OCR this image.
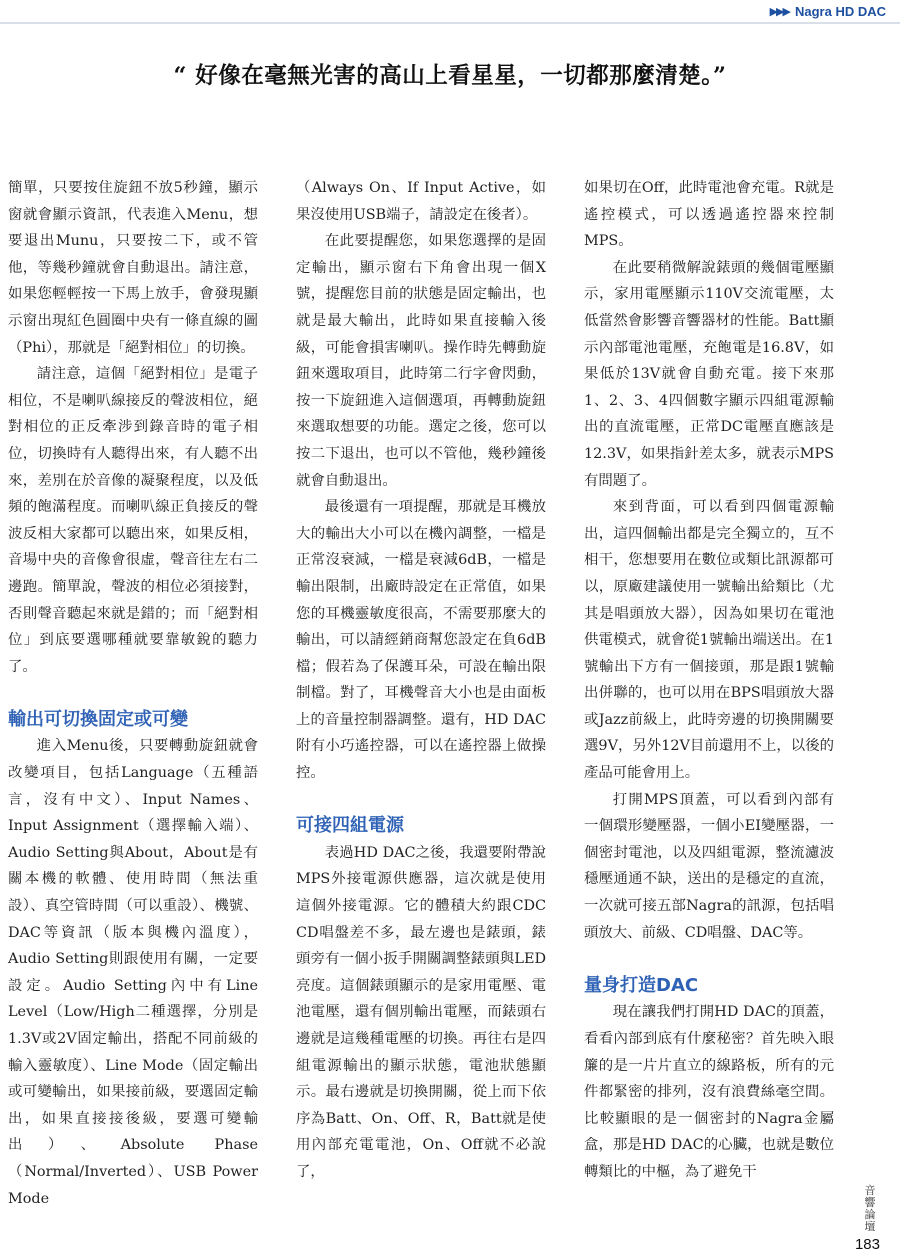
▶▶▶ Nagra HD DAC
“ 好像在毫無光害的高山上看星星，一切都那麼清楚。”

簡單，只要按住旋鈕不放5秒鐘，顯示窗就會顯示資訊，代表進入Menu，想要退出Munu，只要按二下，或不管他，等幾秒鐘就會自動退出。請注意，如果您輕輕按一下馬上放手，會發現顯示窗出現紅色圓圈中央有一條直線的圖（Phi），那就是「絕對相位」的切換。

請注意，這個「絕對相位」是電子相位，不是喇叭線接反的聲波相位，絕對相位的正反牽涉到錄音時的電子相位，切換時有人聽得出來，有人聽不出來，差別在於音像的凝聚程度，以及低頻的飽滿程度。而喇叭線正負接反的聲波反相大家都可以聽出來，如果反相，音場中央的音像會很虛，聲音往左右二邊跑。簡單說，聲波的相位必須接對，否則聲音聽起來就是錯的；而「絕對相位」到底要選哪種就要靠敏銳的聽力了。

輸出可切換固定或可變

進入Menu後，只要轉動旋鈕就會改變項目，包括Language（五種語言，沒有中文）、Input Names、Input Assignment（選擇輸入端）、Audio Setting與About，About是有關本機的軟體、使用時間（無法重設）、真空管時間（可以重設）、機號、DAC等資訊（版本與機內溫度），Audio Setting則跟使用有關，一定要設定。Audio Setting內中有Line Level（Low/High二種選擇，分別是1.3V或2V固定輸出，搭配不同前級的輸入靈敏度）、Line Mode（固定輸出或可變輸出，如果接前級，要選固定輸出，如果直接接後級，要選可變輸出）、Absolute Phase（Normal/Inverted）、USB Power Mode

（Always On、If Input Active，如果沒使用USB端子，請設定在後者）。

在此要提醒您，如果您選擇的是固定輸出，顯示窗右下角會出現一個X號，提醒您目前的狀態是固定輸出，也就是最大輸出，此時如果直接輸入後級，可能會損害喇叭。操作時先轉動旋鈕來選取項目，此時第二行字會閃動，按一下旋鈕進入這個選項，再轉動旋鈕來選取想要的功能。選定之後，您可以按二下退出，也可以不管他，幾秒鐘後就會自動退出。

最後還有一項提醒，那就是耳機放大的輸出大小可以在機內調整，一檔是正常沒衰減，一檔是衰減6dB，一檔是輸出限制，出廠時設定在正常值，如果您的耳機靈敏度很高，不需要那麼大的輸出，可以請經銷商幫您設定在負6dB檔；假若為了保護耳朵，可設在輸出限制檔。對了，耳機聲音大小也是由面板上的音量控制器調整。還有，HD DAC附有小巧遙控器，可以在遙控器上做操控。

可接四組電源

表過HD DAC之後，我還要附帶說MPS外接電源供應器，這次就是使用這個外接電源。它的體積大約跟CDC CD唱盤差不多，最左邊也是錶頭，錶頭旁有一個小扳手開關調整錶頭與LED亮度。這個錶頭顯示的是家用電壓、電池電壓，還有個別輸出電壓，而錶頭右邊就是這幾種電壓的切換。再往右是四組電源輸出的顯示狀態，電池狀態顯示。最右邊就是切換開關，從上而下依序為Batt、On、Off、R，Batt就是使用內部充電電池，On、Off就不必說了，

如果切在Off，此時電池會充電。R就是遙控模式，可以透過遙控器來控制MPS。

在此要稍微解說錶頭的幾個電壓顯示，家用電壓顯示110V交流電壓，太低當然會影響音響器材的性能。Batt顯示內部電池電壓，充飽電是16.8V，如果低於13V就會自動充電。接下來那1、2、3、4四個數字顯示四組電源輸出的直流電壓，正常DC電壓直應該是12.3V，如果指針差太多，就表示MPS有問題了。

來到背面，可以看到四個電源輸出，這四個輸出都是完全獨立的，互不相干，您想要用在數位或類比訊源都可以，原廠建議使用一號輸出給類比（尤其是唱頭放大器），因為如果切在電池供電模式，就會從1號輸出端送出。在1號輸出下方有一個接頭，那是跟1號輸出併聯的，也可以用在BPS唱頭放大器或Jazz前級上，此時旁邊的切換開關要選9V，另外12V目前還用不上，以後的產品可能會用上。

打開MPS頂蓋，可以看到內部有一個環形變壓器，一個小EI變壓器，一個密封電池，以及四組電源，整流濾波穩壓通通不缺，送出的是穩定的直流，一次就可接五部Nagra的訊源，包括唱頭放大、前級、CD唱盤、DAC等。

量身打造DAC

現在讓我們打開HD DAC的頂蓋，看看內部到底有什麼秘密？首先映入眼簾的是一片片直立的線路板，所有的元件都緊密的排列，沒有浪費絲毫空間。比較顯眼的是一個密封的Nagra金屬盒，那是HD DAC的心臟，也就是數位轉類比的中樞，為了避免干

音
響
論
壇
183
